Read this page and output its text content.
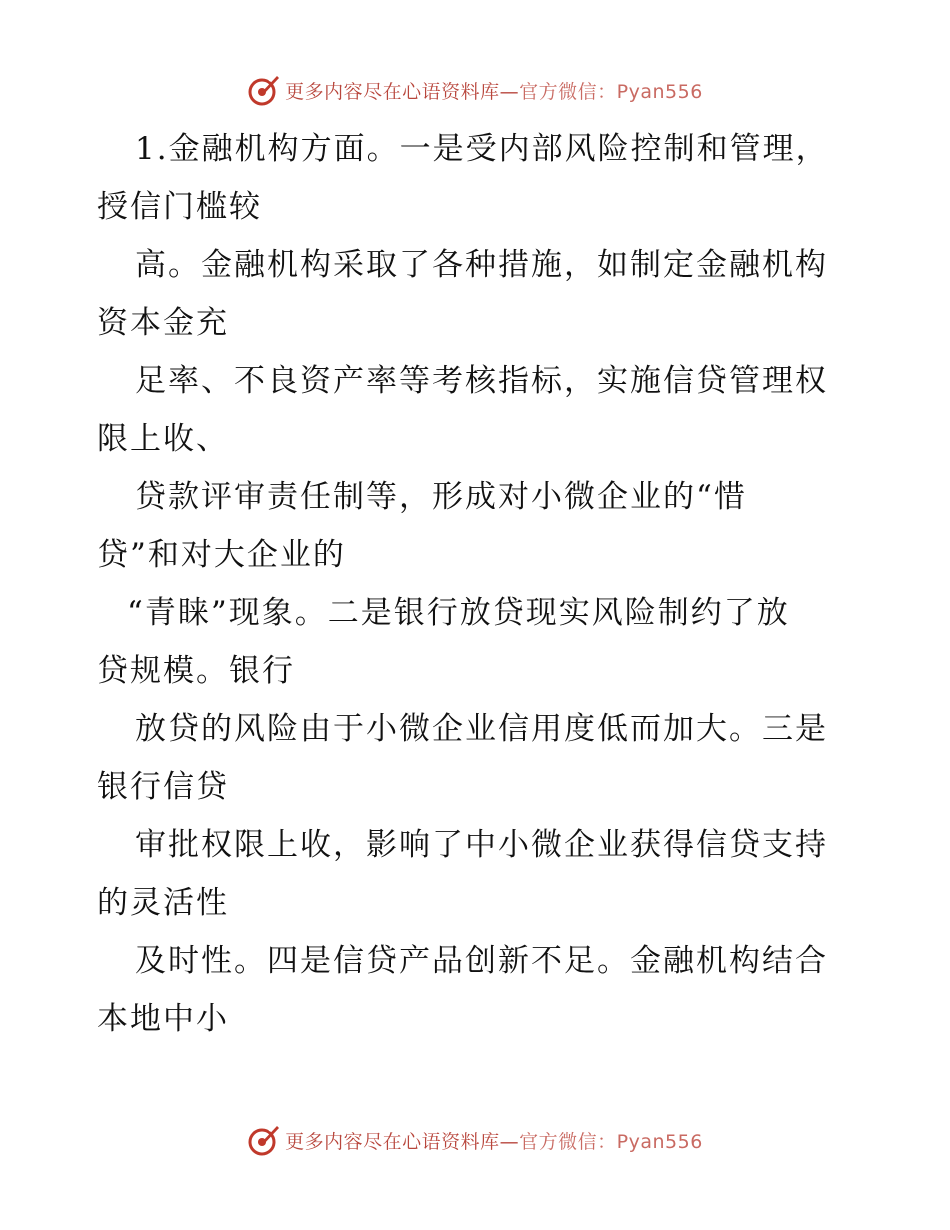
更多内容尽在心语资料库—官方微信：Pyan556
1.金融机构方面。一是受内部风险控制和管理，
授信门槛较
高。金融机构采取了各种措施，如制定金融机构
资本金充
足率、不良资产率等考核指标，实施信贷管理权
限上收、
贷款评审责任制等，形成对小微企业的“惜
贷”和对大企业的
“青睐”现象。二是银行放贷现实风险制约了放
贷规模。银行
放贷的风险由于小微企业信用度低而加大。三是
银行信贷
审批权限上收，影响了中小微企业获得信贷支持
的灵活性
及时性。四是信贷产品创新不足。金融机构结合
本地中小
更多内容尽在心语资料库—官方微信：Pyan556
